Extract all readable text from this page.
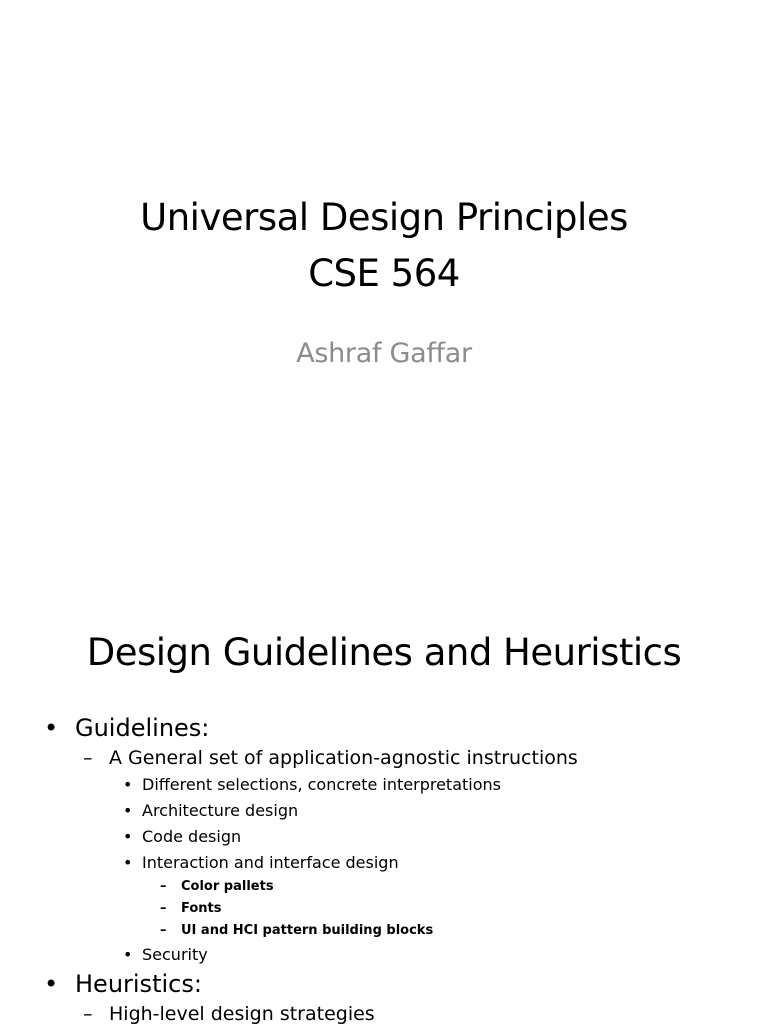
Universal Design Principles
CSE 564
Ashraf Gaffar
Design Guidelines and Heuristics
• Guidelines:
– A General set of application-agnostic instructions
• Different selections, concrete interpretations
• Architecture design
• Code design
• Interaction and interface design
– Color pallets
– Fonts
– UI and HCI pattern building blocks
• Security
• Heuristics:
– High-level design strategies
